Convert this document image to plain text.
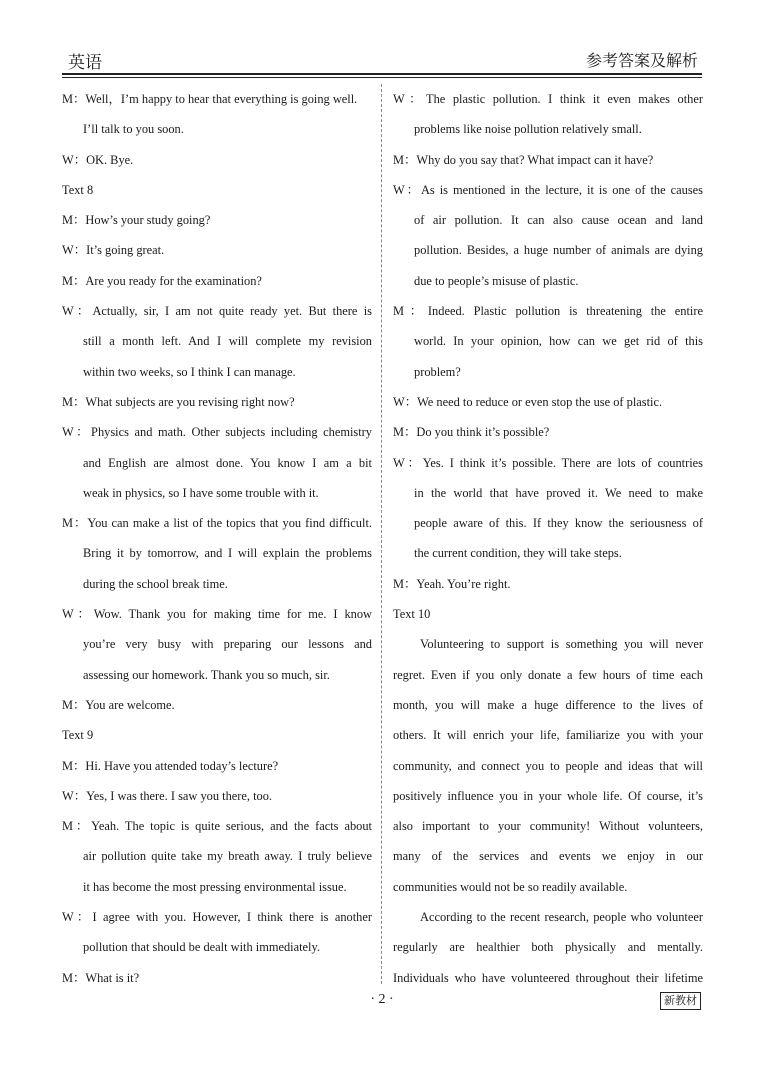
英语	参考答案及解析
M：Well，I’m happy to hear that everything is going well.
I’ll talk to you soon.
W：OK. Bye.
Text 8
M：How’s your study going?
W：It’s going great.
M：Are you ready for the examination?
W：Actually, sir, I am not quite ready yet. But there is
still a month left. And I will complete my revision
within two weeks, so I think I can manage.
M：What subjects are you revising right now?
W：Physics and math. Other subjects including chemistry
and English are almost done. You know I am a bit
weak in physics, so I have some trouble with it.
M：You can make a list of the topics that you find difficult.
Bring it by tomorrow, and I will explain the problems
during the school break time.
W：Wow. Thank you for making time for me. I know
you’re very busy with preparing our lessons and
assessing our homework. Thank you so much, sir.
M：You are welcome.
Text 9
M：Hi. Have you attended today’s lecture?
W：Yes, I was there. I saw you there, too.
M：Yeah. The topic is quite serious, and the facts about
air pollution quite take my breath away. I truly believe
it has become the most pressing environmental issue.
W：I agree with you. However, I think there is another
pollution that should be dealt with immediately.
M：What is it?
W：The plastic pollution. I think it even makes other
problems like noise pollution relatively small.
M：Why do you say that? What impact can it have?
W：As is mentioned in the lecture, it is one of the causes
of air pollution. It can also cause ocean and land
pollution. Besides, a huge number of animals are dying
due to people’s misuse of plastic.
M：Indeed. Plastic pollution is threatening the entire
world. In your opinion, how can we get rid of this
problem?
W：We need to reduce or even stop the use of plastic.
M：Do you think it’s possible?
W：Yes. I think it’s possible. There are lots of countries
in the world that have proved it. We need to make
people aware of this. If they know the seriousness of
the current condition, they will take steps.
M：Yeah. You’re right.
Text 10
Volunteering to support is something you will never
regret. Even if you only donate a few hours of time each
month, you will make a huge difference to the lives of
others. It will enrich your life, familiarize you with your
community, and connect you to people and ideas that will
positively influence you in your whole life. Of course, it’s
also important to your community! Without volunteers,
many of the services and events we enjoy in our
communities would not be so readily available.
According to the recent research, people who volunteer
regularly are healthier both physically and mentally.
Individuals who have volunteered throughout their lifetime
· 2 ·	新教材
